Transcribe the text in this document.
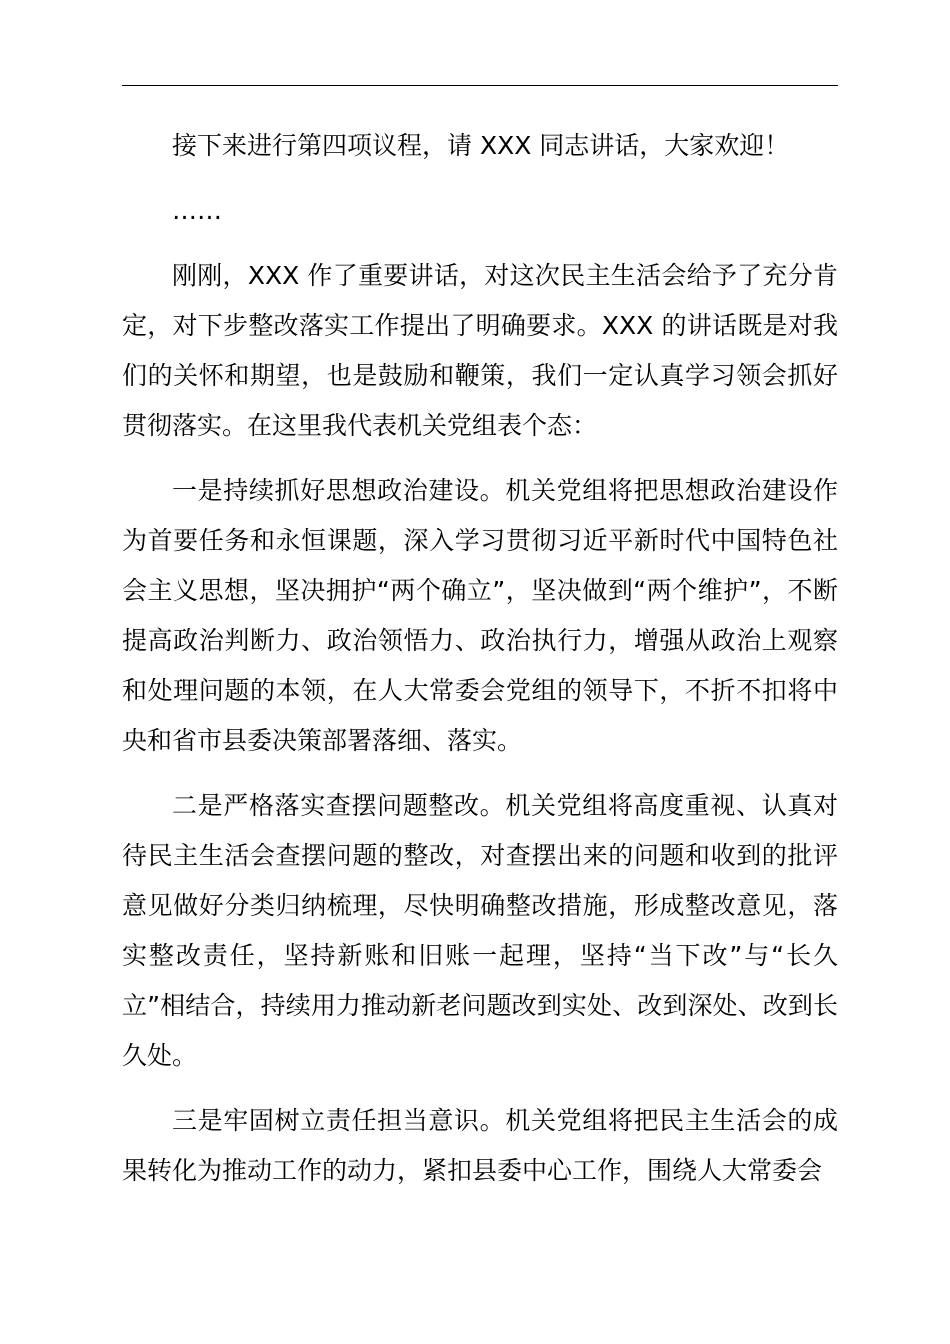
接下来进行第四项议程，请 XXX 同志讲话，大家欢迎！

……

刚刚，XXX 作了重要讲话，对这次民主生活会给予了充分肯定，对下步整改落实工作提出了明确要求。XXX 的讲话既是对我们的关怀和期望，也是鼓励和鞭策，我们一定认真学习领会抓好贯彻落实。在这里我代表机关党组表个态：

一是持续抓好思想政治建设。机关党组将把思想政治建设作为首要任务和永恒课题，深入学习贯彻习近平新时代中国特色社会主义思想，坚决拥护“两个确立”，坚决做到“两个维护”，不断提高政治判断力、政治领悟力、政治执行力，增强从政治上观察和处理问题的本领，在人大常委会党组的领导下，不折不扣将中央和省市县委决策部署落细、落实。

二是严格落实查摆问题整改。机关党组将高度重视、认真对待民主生活会查摆问题的整改，对查摆出来的问题和收到的批评意见做好分类归纳梳理，尽快明确整改措施，形成整改意见，落实整改责任，坚持新账和旧账一起理，坚持“当下改”与“长久立”相结合，持续用力推动新老问题改到实处、改到深处、改到长久处。

三是牢固树立责任担当意识。机关党组将把民主生活会的成果转化为推动工作的动力，紧扣县委中心工作，围绕人大常委会
